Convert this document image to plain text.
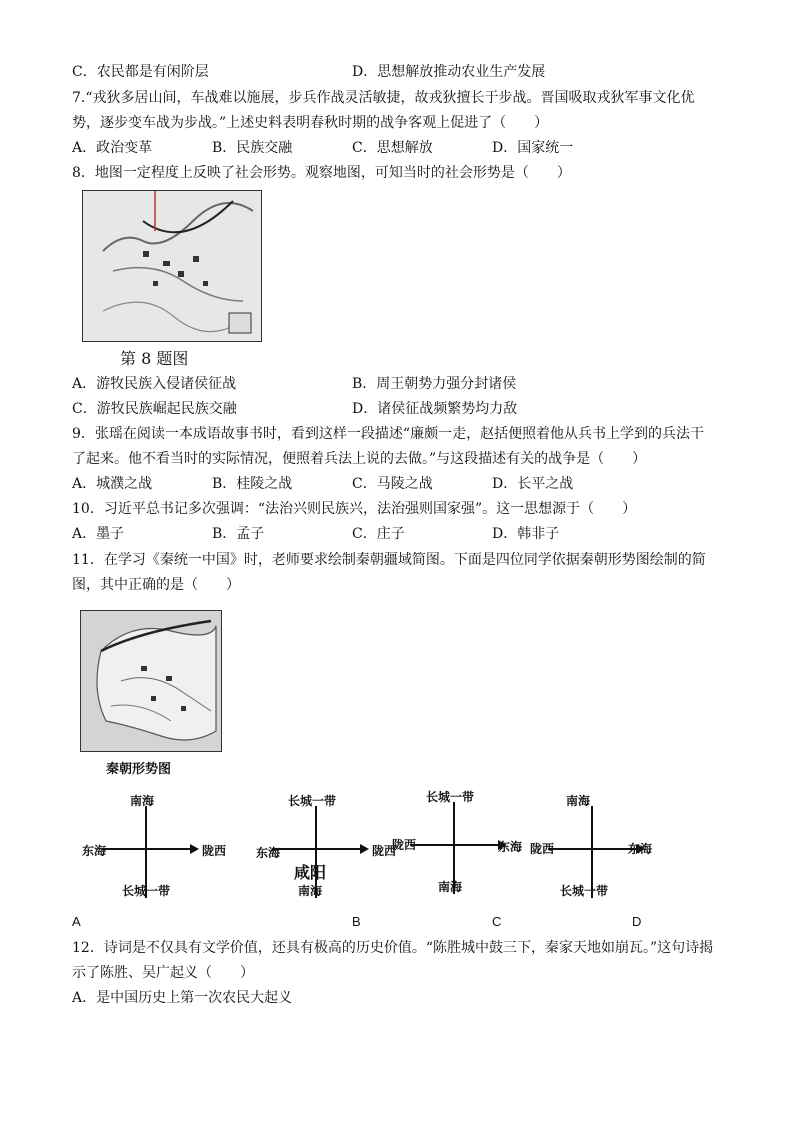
C．农民都是有闲阶层	D．思想解放推动农业生产发展
7.“戎狄多居山间，车战难以施展，步兵作战灵活敏捷，故戎狄擅长于步战。晋国吸取戎狄军事文化优
势，逐步变车战为步战。”上述史料表明春秋时期的战争客观上促进了（　　）
A．政治变革	B．民族交融	C．思想解放	D．国家统一
8．地图一定程度上反映了社会形势。观察地图，可知当时的社会形势是（　　）
第 8 题图
A．游牧民族入侵诸侯征战	B．周王朝势力强分封诸侯
C．游牧民族崛起民族交融	D．诸侯征战频繁势均力敌
9．张瑶在阅读一本成语故事书时，看到这样一段描述“廉颇一走，赵括便照着他从兵书上学到的兵法干
了起来。他不看当时的实际情况，便照着兵法上说的去做。”与这段描述有关的战争是（　　）
A．城濮之战	B．桂陵之战	C．马陵之战	D．长平之战
10．习近平总书记多次强调：“法治兴则民族兴，法治强则国家强”。这一思想源于（　　）
A．墨子	B．孟子	C．庄子	D．韩非子
11．在学习《秦统一中国》时，老师要求绘制秦朝疆域简图。下面是四位同学依据秦朝形势图绘制的简
图，其中正确的是（　　）
秦朝形势图
南海
长城一带
东海	陇西
A
长城一带
东海	陇西
咸阳
南海
B
长城一带
陇西	东海
南海
C
南海
陇西	东海
长城一带
D
12．诗词是不仅具有文学价值，还具有极高的历史价值。“陈胜城中鼓三下，秦家天地如崩瓦。”这句诗揭
示了陈胜、吴广起义（　　）
A．是中国历史上第一次农民大起义
